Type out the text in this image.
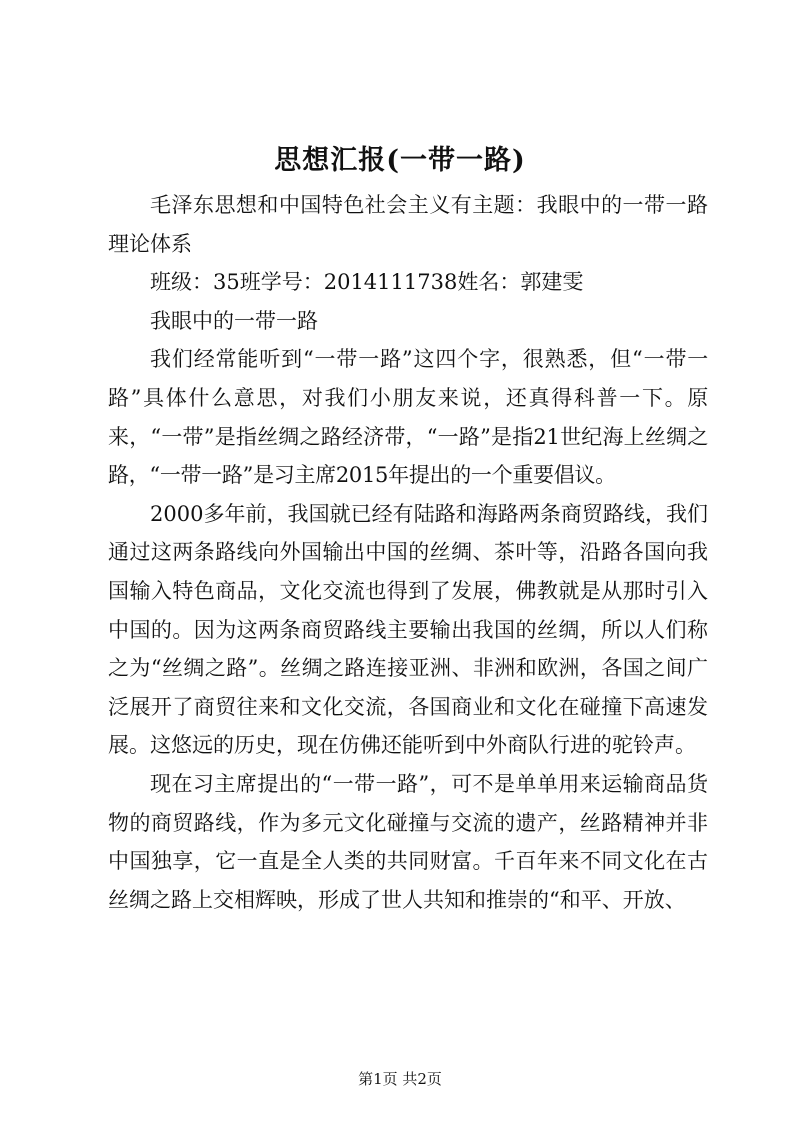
思想汇报(一带一路)

毛泽东思想和中国特色社会主义有主题：我眼中的一带一路理论体系

班级：35班学号：2014111738姓名：郭建雯

我眼中的一带一路

我们经常能听到“一带一路”这四个字，很熟悉，但“一带一路”具体什么意思，对我们小朋友来说，还真得科普一下。原来，“一带”是指丝绸之路经济带，“一路”是指21世纪海上丝绸之路，“一带一路”是习主席2015年提出的一个重要倡议。

2000多年前，我国就已经有陆路和海路两条商贸路线，我们通过这两条路线向外国输出中国的丝绸、茶叶等，沿路各国向我国输入特色商品，文化交流也得到了发展，佛教就是从那时引入中国的。因为这两条商贸路线主要输出我国的丝绸，所以人们称之为“丝绸之路”。丝绸之路连接亚洲、非洲和欧洲，各国之间广泛展开了商贸往来和文化交流，各国商业和文化在碰撞下高速发展。这悠远的历史，现在仿佛还能听到中外商队行进的驼铃声。

现在习主席提出的“一带一路”，可不是单单用来运输商品货物的商贸路线，作为多元文化碰撞与交流的遗产，丝路精神并非中国独享，它一直是全人类的共同财富。千百年来不同文化在古丝绸之路上交相辉映，形成了世人共知和推崇的“和平、开放、

第1页 共2页
